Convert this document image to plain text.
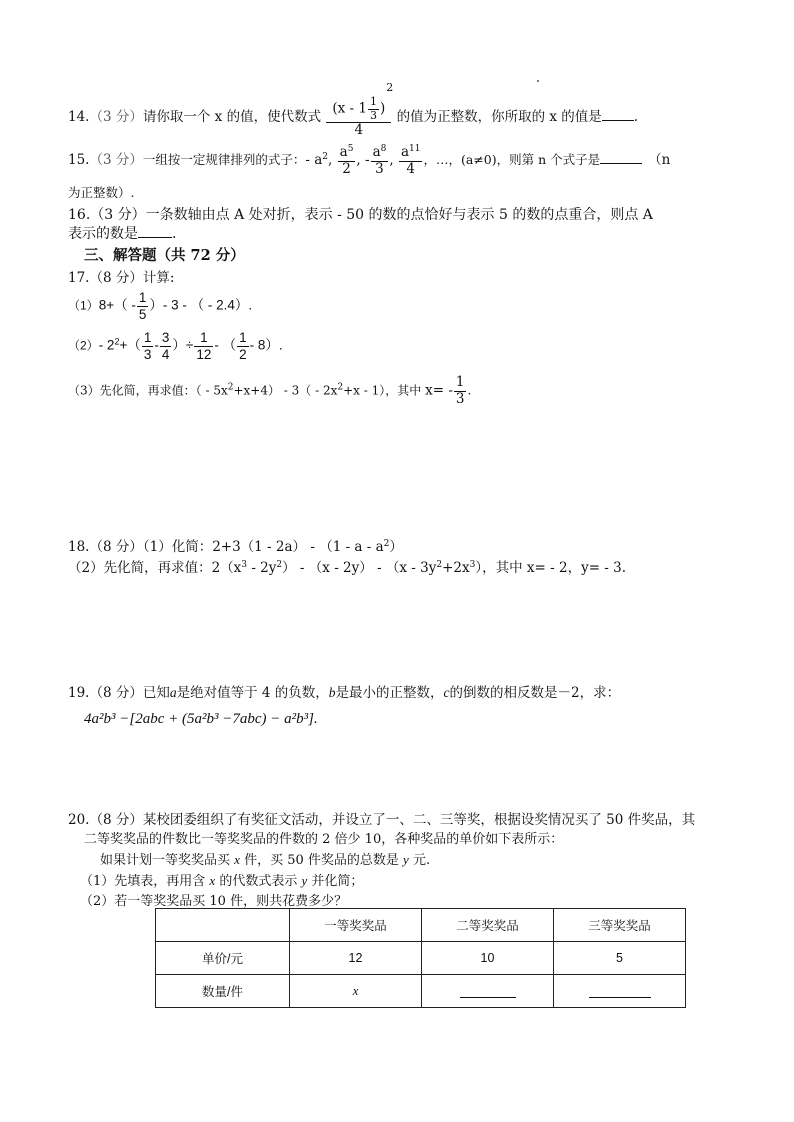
14.（3 分）请你取一个 x 的值，使代数式 ($x - 1 \frac{1}{3}$ )
2
4 的值为正整数，你所取的 x 的值是 .
15.（3 分）一组按一定规律排列的式子：- $a^2$, $\frac{a^5}{2}$ , - $\frac{a^8}{3}$ , $\frac{a^{11}}{4}$ ，…，(a≠0)，则第 n 个式子是	（n
为正整数）.
16.（3 分）一条数轴由点 A 处对折，表示 - 50 的数的点恰好与表示 5 的数的点重合，则点 A
表示的数是 .
三、解答题（共 72 分）
17.（8 分）计算:
$(1)8+( - \frac{1}{5}$ ）- 3 - （ - 2.4）.
（2）- $2^2+( \frac{1}{3} - \frac{3}{4}$ ）÷ $\frac{1}{12}$ - （ $\frac{1}{2} - 8$）.
（3）先化简，再求值：（ - $5x^2+x+4) - 3( - 2x^2+x - 1)$，其中 $x= - \frac{1}{3}$ .
18.（8 分）（1）化简：$2+3(1 - 2a) - (1 - a - a^2)$
（2）先化简，再求值：$2(x^3 - 2y^2) - (x - 2y) - (x - 3y^2+2x^3)$，其中 x= - 2，y= - 3.
19.（8 分）已知a是绝对值等于 4 的负数，b是最小的正整数，c的倒数的相反数是－2，求：
4a²b³ −[2abc + (5a²b³ −7abc) − a²b³].
20.（8 分）某校团委组织了有奖征文活动，并设立了一、二、三等奖，根据设奖情况买了 50 件奖品，其
二等奖奖品的件数比一等奖奖品的件数的 2 倍少 10，各种奖品的单价如下表所示：
如果计划一等奖奖品买 x 件，买 50 件奖品的总数是 y 元.
（1）先填表，再用含 x 的代数式表示 y 并化简；
（2）若一等奖奖品买 10 件，则共花费多少？
	一等奖奖品	二等奖奖品	三等奖奖品
单价/元	12	10	5
数量/件	x		
